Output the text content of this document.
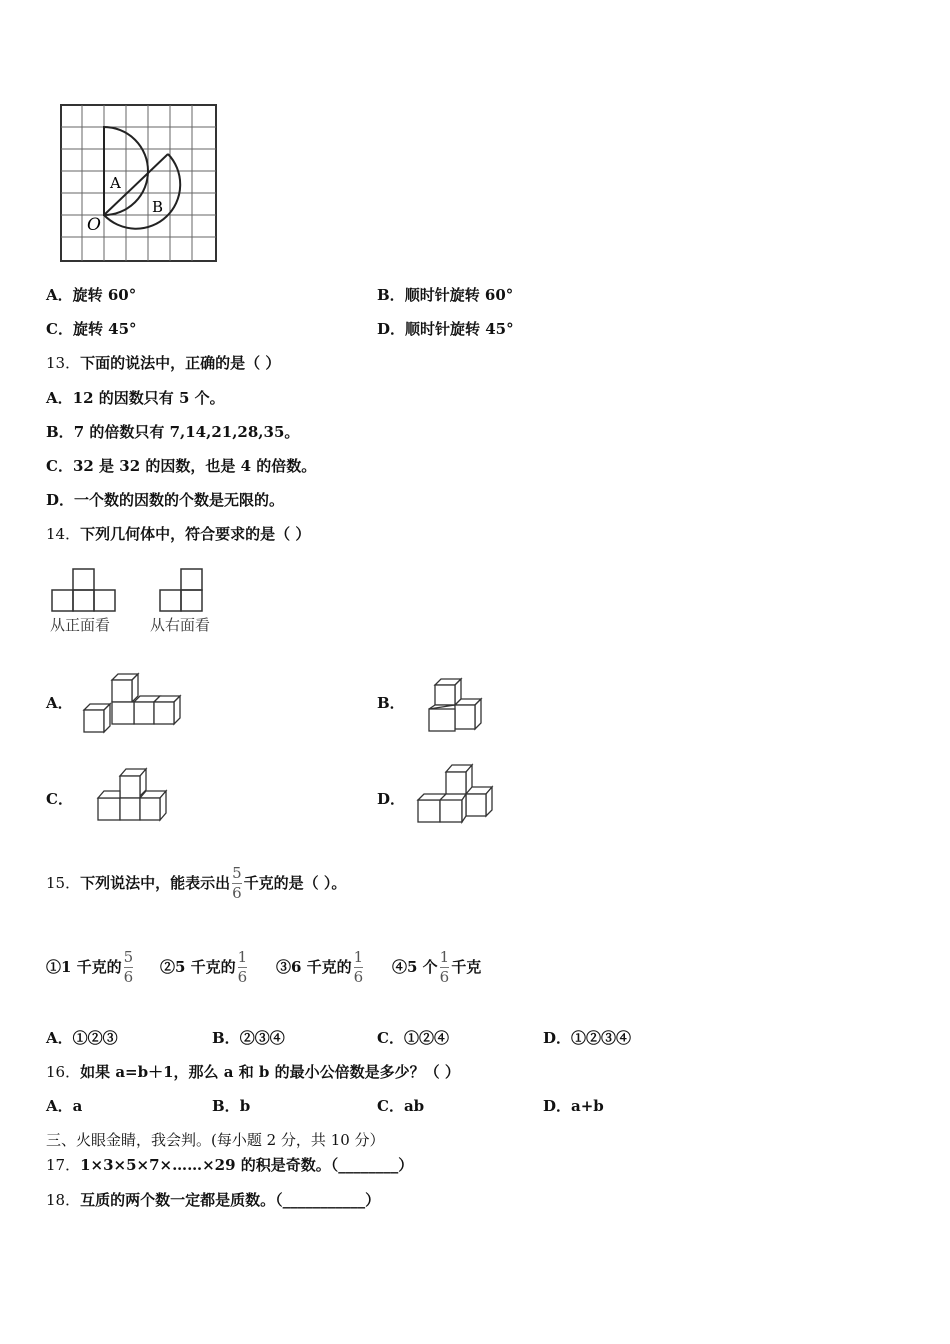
A
B
O
A．旋转 60°	B．顺时针旋转 60°
C．旋转 45°	D．顺时针旋转 45°
13．下面的说法中，正确的是（ ）
A．12 的因数只有 5 个。
B．7 的倍数只有 7,14,21,28,35。
C．32 是 32 的因数，也是 4 的倍数。
D．一个数的因数的个数是无限的。
14．下列几何体中，符合要求的是（ ）
从正面看	从右面看
A．	B．
C．	D．
15． 下列说法中，能表示出 $\frac{5}{6}$ 千克的是（ ）。
①1 千克的 $\frac{5}{6}$ ②5 千克的 $\frac{1}{6}$ ③6 千克的 $\frac{1}{6}$ ④5 个 $\frac{1}{6}$ 千克
A．①②③	B．②③④	C．①②④	D．①②③④
16．如果 a=b＋1，那么 a 和 b 的最小公倍数是多少？（ ）
A．a	B．b	C．ab	D．a+b
三、火眼金睛，我会判。(每小题 2 分，共 10 分）
17．1×3×5×7×……×29 的积是奇数。（________）
18．互质的两个数一定都是质数。（___________）
